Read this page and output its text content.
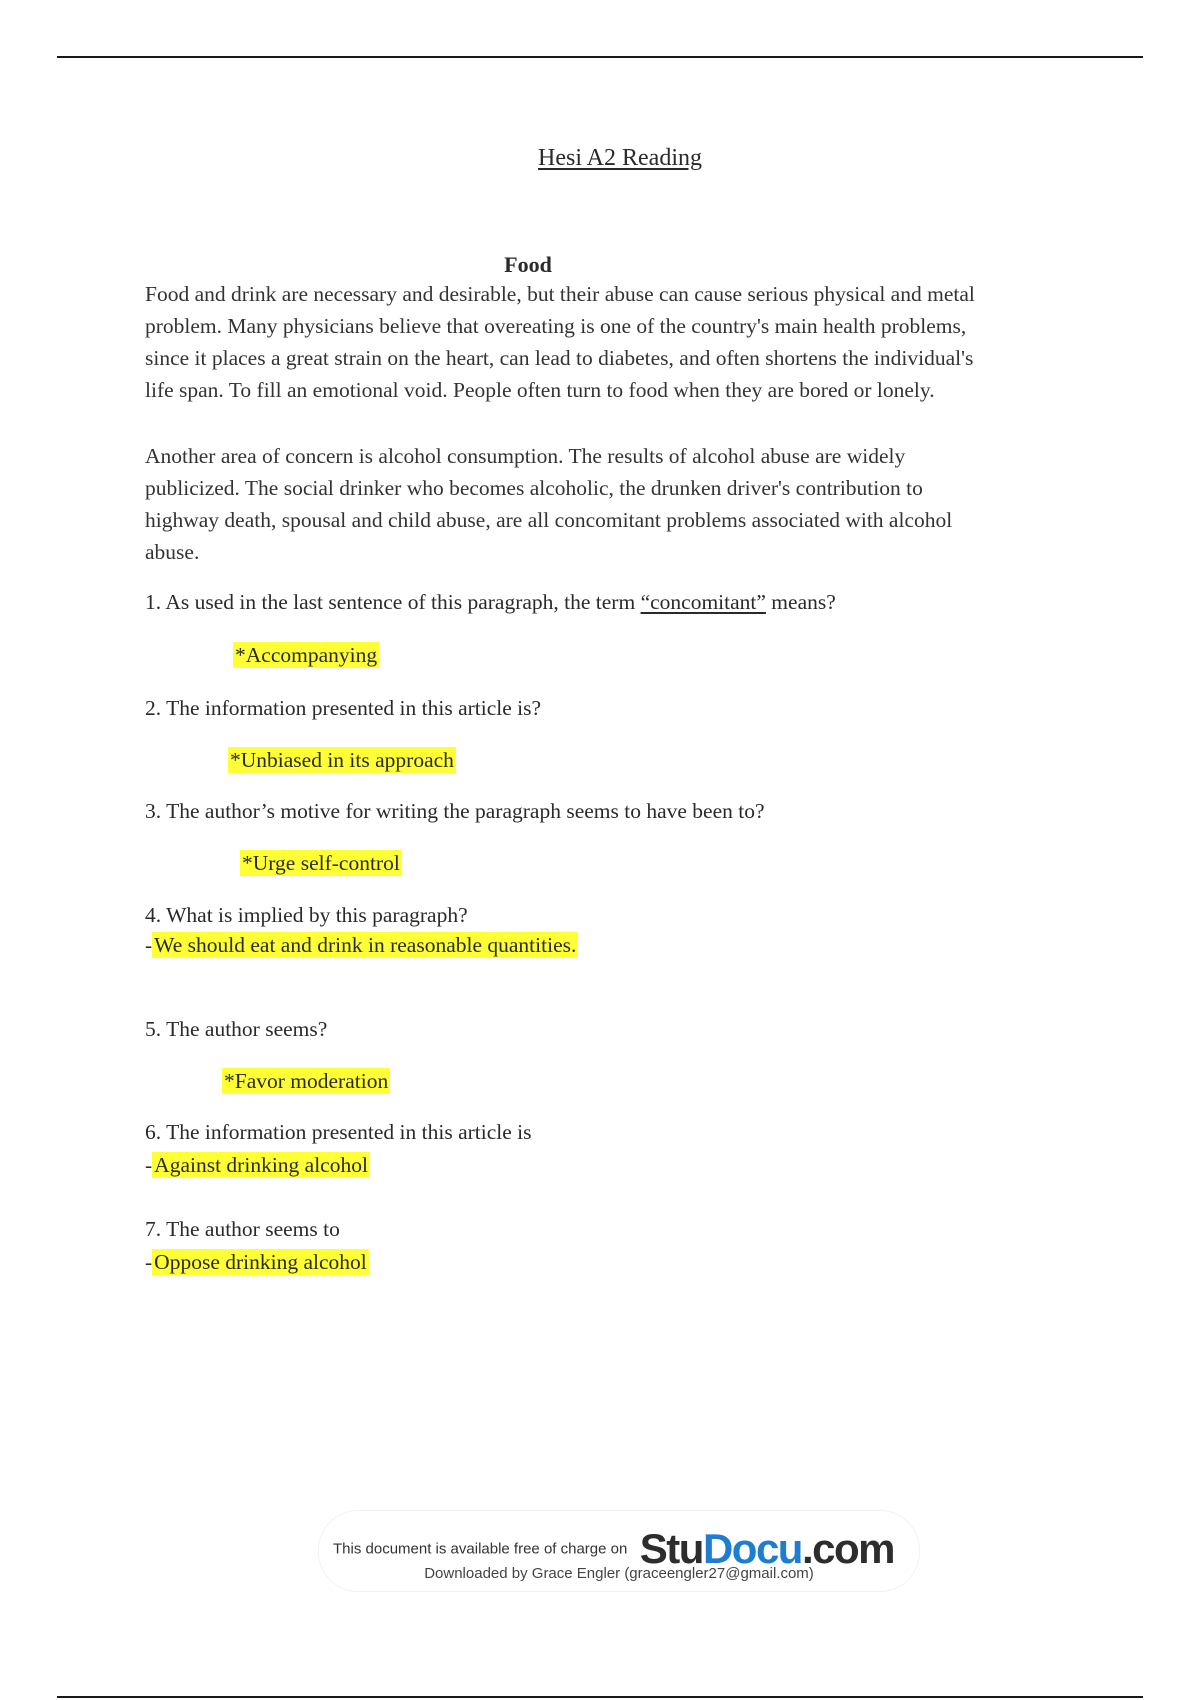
Hesi A2 Reading
Food
Food and drink are necessary and desirable, but their abuse can cause serious physical and metal
problem. Many physicians believe that overeating is one of the country's main health problems,
since it places a great strain on the heart, can lead to diabetes, and often shortens the individual's
life span. To fill an emotional void. People often turn to food when they are bored or lonely.
Another area of concern is alcohol consumption. The results of alcohol abuse are widely
publicized. The social drinker who becomes alcoholic, the drunken driver's contribution to
highway death, spousal and child abuse, are all concomitant problems associated with alcohol
abuse.
1. As used in the last sentence of this paragraph, the term “concomitant” means?
*Accompanying
2. The information presented in this article is?
*Unbiased in its approach
3. The author’s motive for writing the paragraph seems to have been to?
*Urge self-control
4. What is implied by this paragraph?
-We should eat and drink in reasonable quantities.
5. The author seems?
*Favor moderation
6. The information presented in this article is
-Against drinking alcohol
7. The author seems to
-Oppose drinking alcohol
This document is available free of charge on StuDocu.com
Downloaded by Grace Engler (graceengler27@gmail.com)
